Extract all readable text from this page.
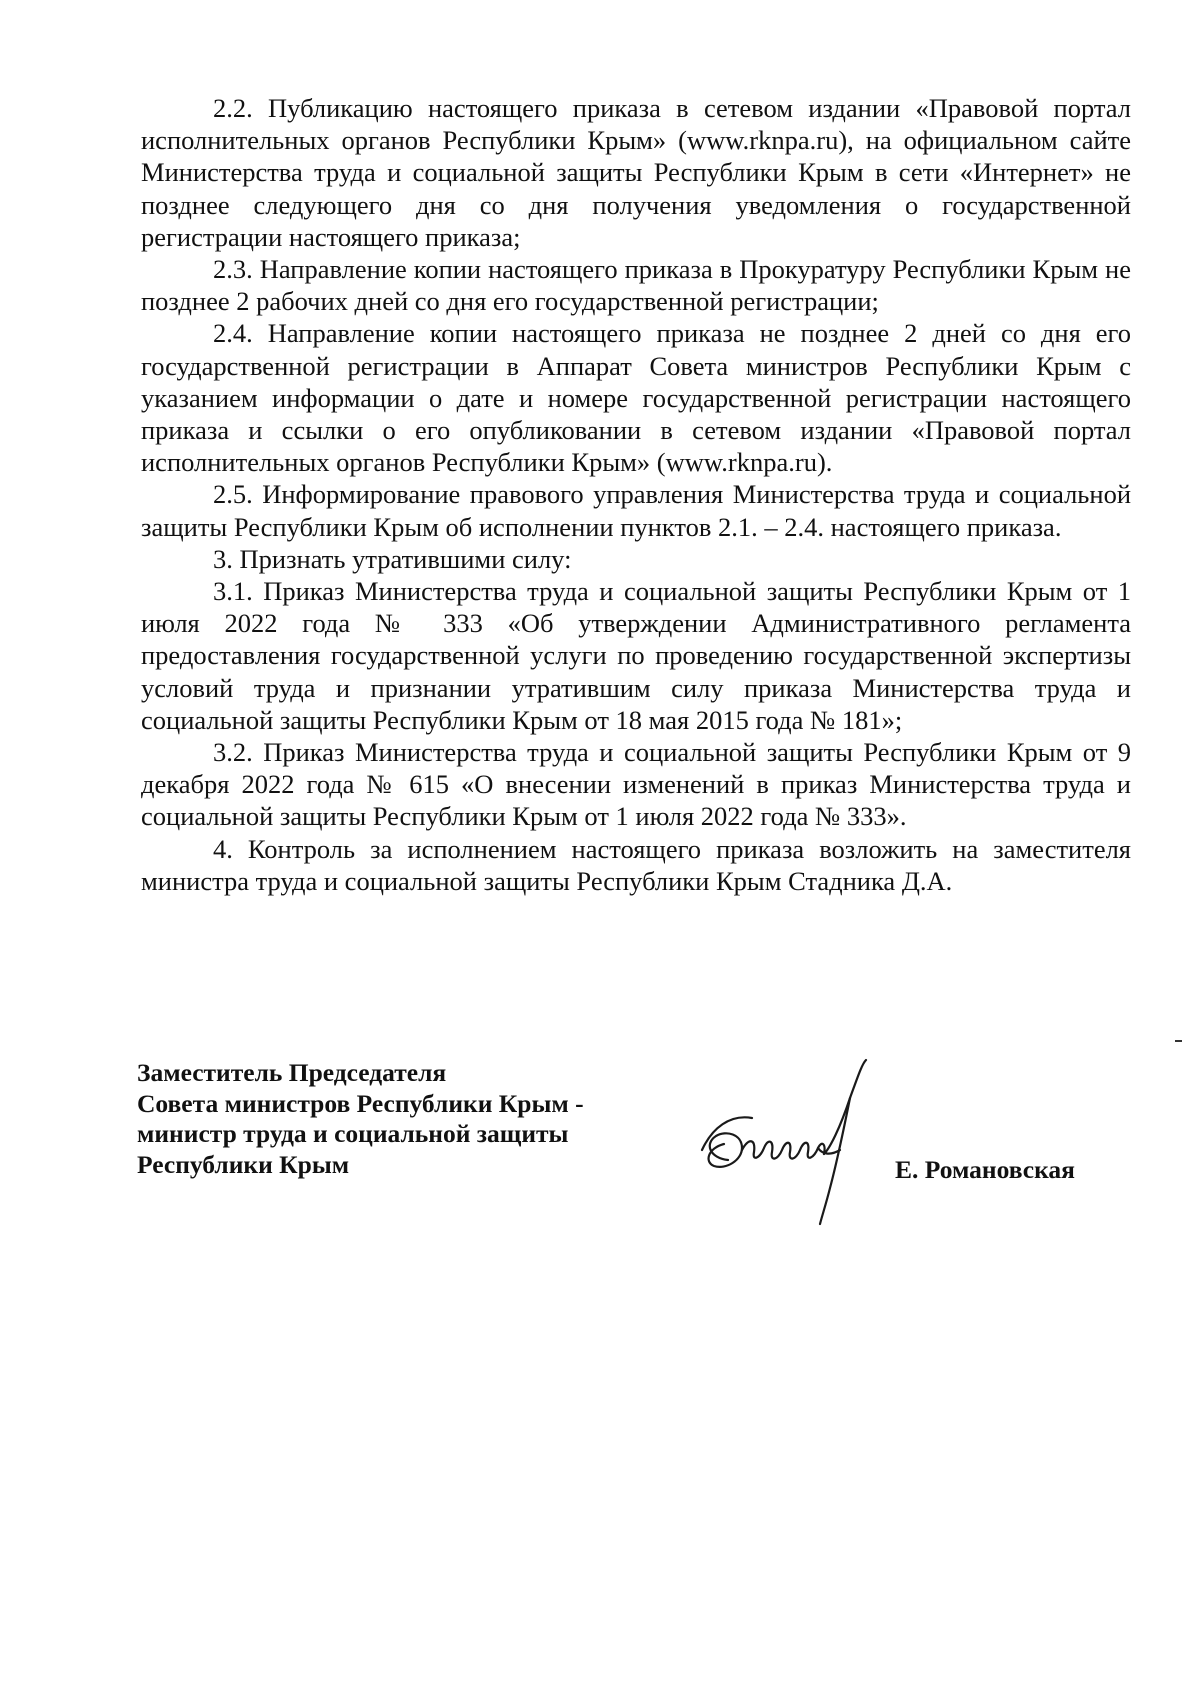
2.2. Публикацию настоящего приказа в сетевом издании «Правовой портал исполнительных органов Республики Крым» (www.rknpa.ru), на официальном сайте Министерства труда и социальной защиты Республики Крым в сети «Интернет» не позднее следующего дня со дня получения уведомления о государственной регистрации настоящего приказа;

2.3. Направление копии настоящего приказа в Прокуратуру Республики Крым не позднее 2 рабочих дней со дня его государственной регистрации;

2.4. Направление копии настоящего приказа не позднее 2 дней со дня его государственной регистрации в Аппарат Совета министров Республики Крым с указанием информации о дате и номере государственной регистрации настоящего приказа и ссылки о его опубликовании в сетевом издании «Правовой портал исполнительных органов Республики Крым» (www.rknpa.ru).

2.5. Информирование правового управления Министерства труда и социальной защиты Республики Крым об исполнении пунктов 2.1. – 2.4. настоящего приказа.

3. Признать утратившими силу:

3.1. Приказ Министерства труда и социальной защиты Республики Крым от 1 июля 2022 года № 333 «Об утверждении Административного регламента предоставления государственной услуги по проведению государственной экспертизы условий труда и признании утратившим силу приказа Министерства труда и социальной защиты Республики Крым от 18 мая 2015 года № 181»;

3.2. Приказ Министерства труда и социальной защиты Республики Крым от 9 декабря 2022 года № 615 «О внесении изменений в приказ Министерства труда и социальной защиты Республики Крым от 1 июля 2022 года № 333».

4. Контроль за исполнением настоящего приказа возложить на заместителя министра труда и социальной защиты Республики Крым Стадника Д.А.

Заместитель Председателя
Совета министров Республики Крым -
министр труда и социальной защиты
Республики Крым	Е. Романовская
